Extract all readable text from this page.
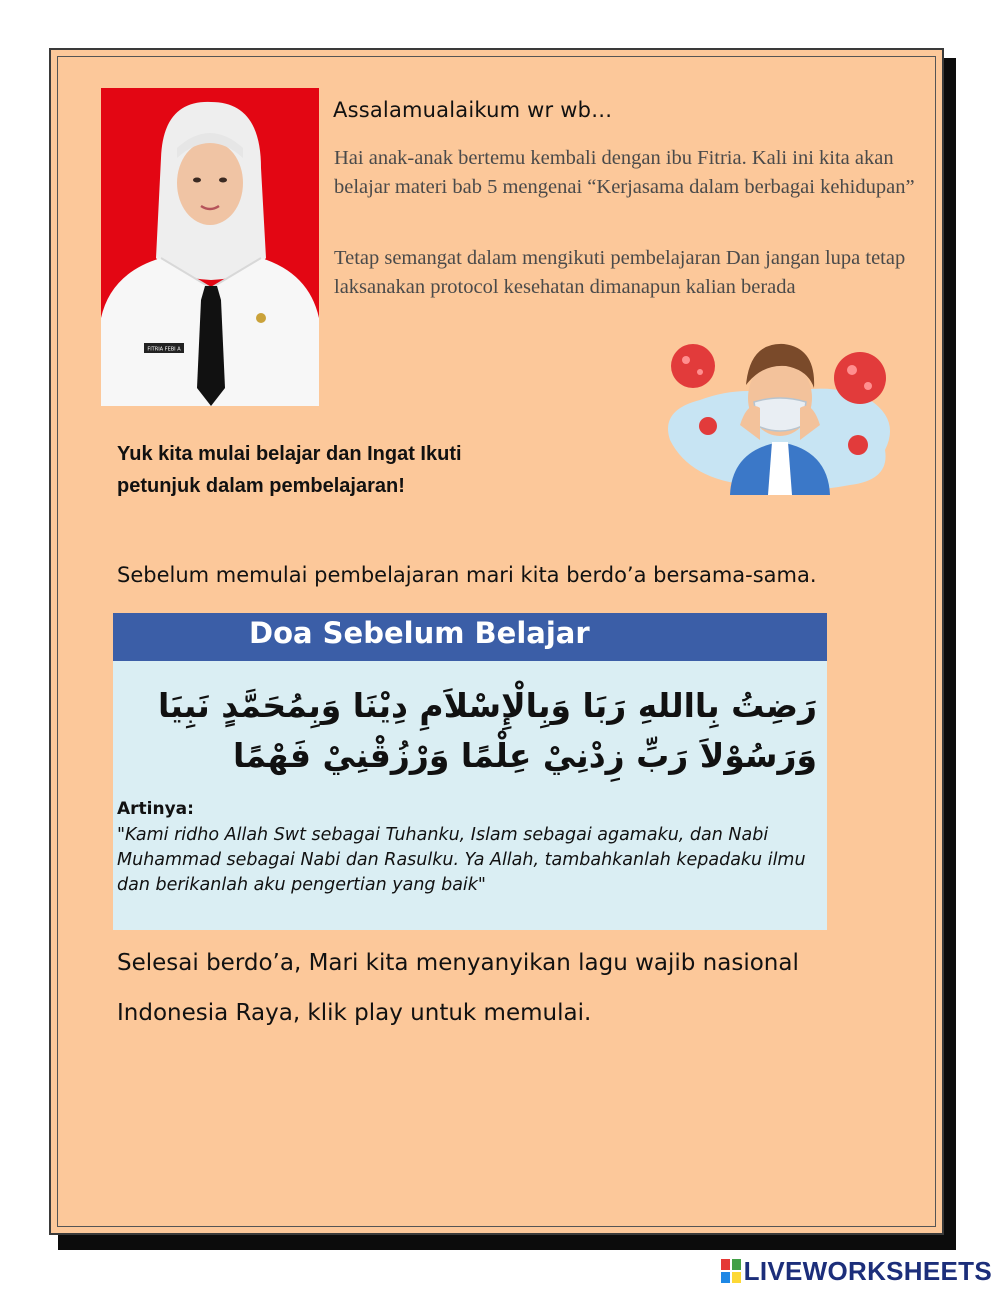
FITRIA FEBI A
Assalamualaikum wr wb…

Hai anak-anak bertemu kembali dengan ibu Fitria. Kali ini kita akan belajar materi bab 5 mengenai “Kerjasama dalam berbagai kehidupan”

Tetap semangat dalam mengikuti pembelajaran Dan jangan lupa tetap laksanakan protocol kesehatan dimanapun kalian berada

Yuk kita mulai belajar dan Ingat Ikuti
petunjuk dalam pembelajaran!
Sebelum memulai pembelajaran mari kita berdo’a bersama-sama.
Doa Sebelum Belajar
رَضِتُ بِااللهِ رَبَا وَبِالْإِسْلاَمِ دِيْنَا وَبِمُحَمَّدٍ نَبِيَا
وَرَسُوْلاَ رَبِّ زِدْنِيْ عِلْمًا وَرْزُقْنِيْ فَهْمًا
Artinya:

"Kami ridho Allah Swt sebagai Tuhanku, Islam sebagai agamaku, dan Nabi Muhammad sebagai Nabi dan Rasulku. Ya Allah, tambahkanlah kepadaku ilmu dan berikanlah aku pengertian yang baik"

Selesai berdo’a, Mari kita menyanyikan lagu wajib nasional
Indonesia Raya, klik play untuk memulai.
LIVEWORKSHEETS
